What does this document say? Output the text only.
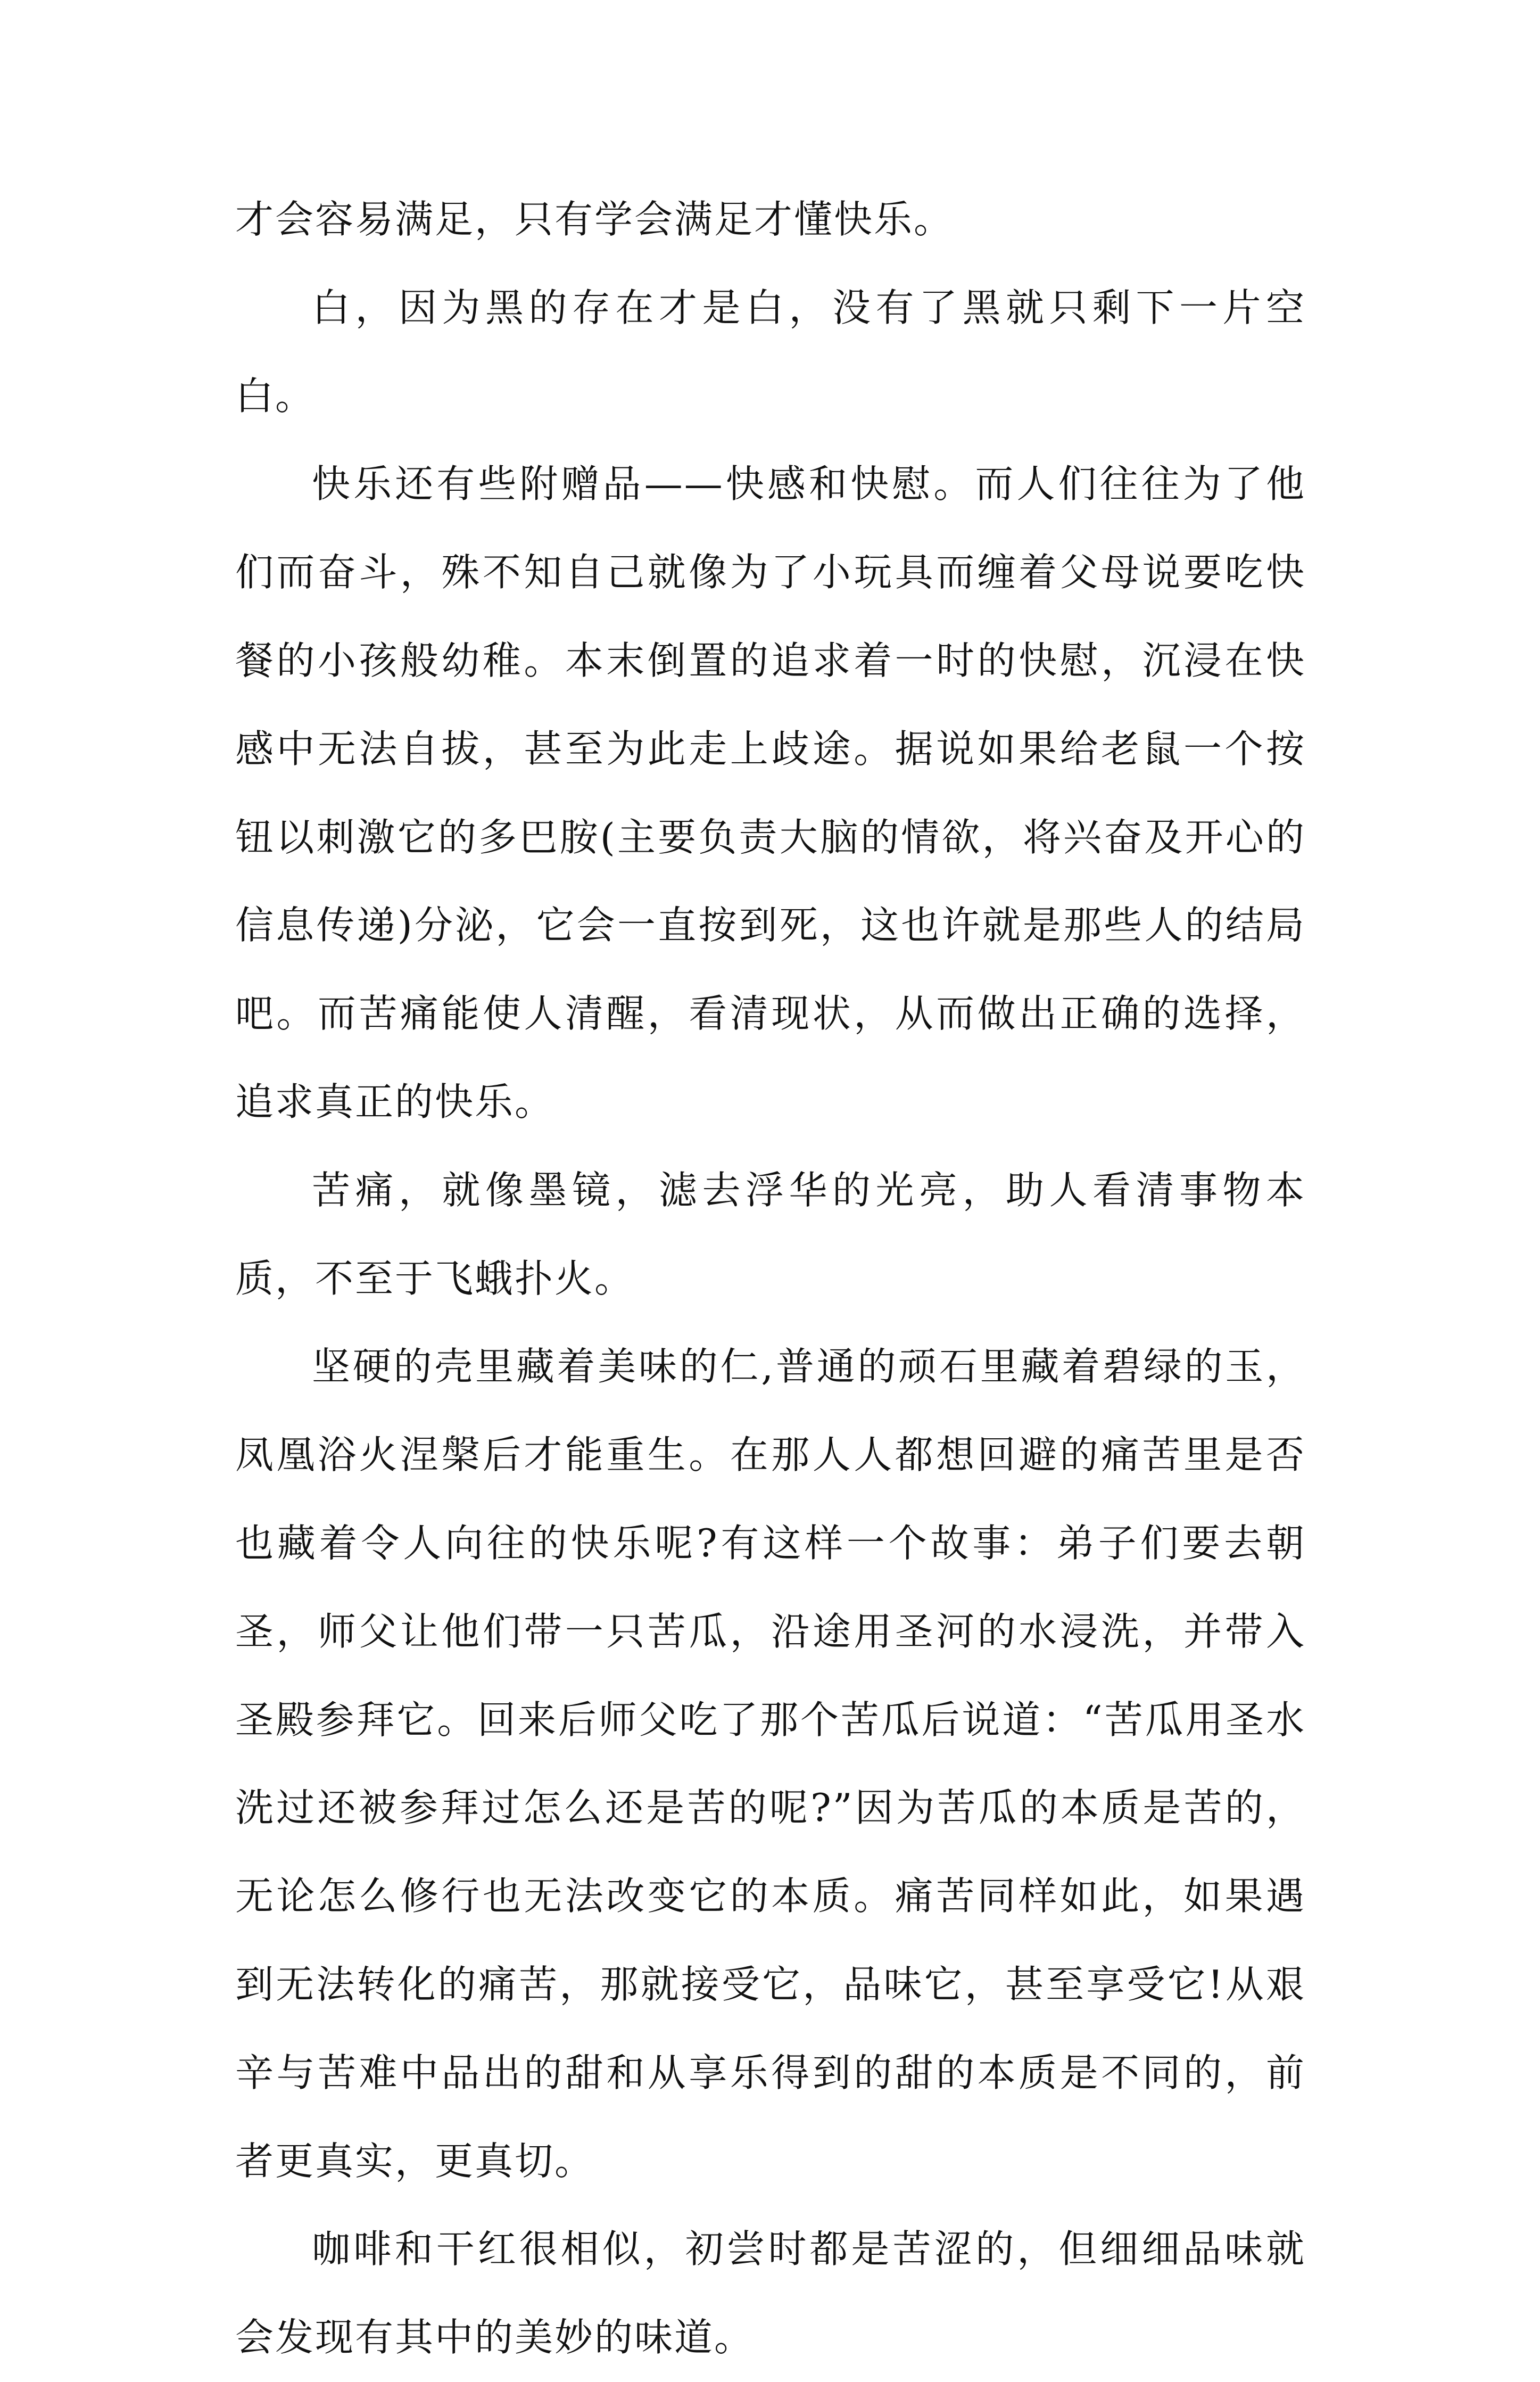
才会容易满足，只有学会满足才懂快乐。

白，因为黑的存在才是白，没有了黑就只剩下一片空白。

快乐还有些附赠品——快感和快慰。而人们往往为了他们而奋斗，殊不知自己就像为了小玩具而缠着父母说要吃快餐的小孩般幼稚。本末倒置的追求着一时的快慰，沉浸在快感中无法自拔，甚至为此走上歧途。据说如果给老鼠一个按钮以刺激它的多巴胺(主要负责大脑的情欲，将兴奋及开心的信息传递)分泌，它会一直按到死，这也许就是那些人的结局吧。而苦痛能使人清醒，看清现状，从而做出正确的选择，追求真正的快乐。

苦痛，就像墨镜，滤去浮华的光亮，助人看清事物本质，不至于飞蛾扑火。

坚硬的壳里藏着美味的仁,普通的顽石里藏着碧绿的玉，凤凰浴火涅槃后才能重生。在那人人都想回避的痛苦里是否也藏着令人向往的快乐呢?有这样一个故事：弟子们要去朝圣，师父让他们带一只苦瓜，沿途用圣河的水浸洗，并带入圣殿参拜它。回来后师父吃了那个苦瓜后说道：“苦瓜用圣水洗过还被参拜过怎么还是苦的呢?”因为苦瓜的本质是苦的，无论怎么修行也无法改变它的本质。痛苦同样如此，如果遇到无法转化的痛苦，那就接受它，品味它，甚至享受它!从艰辛与苦难中品出的甜和从享乐得到的甜的本质是不同的，前者更真实，更真切。

咖啡和干红很相似，初尝时都是苦涩的，但细细品味就会发现有其中的美妙的味道。
